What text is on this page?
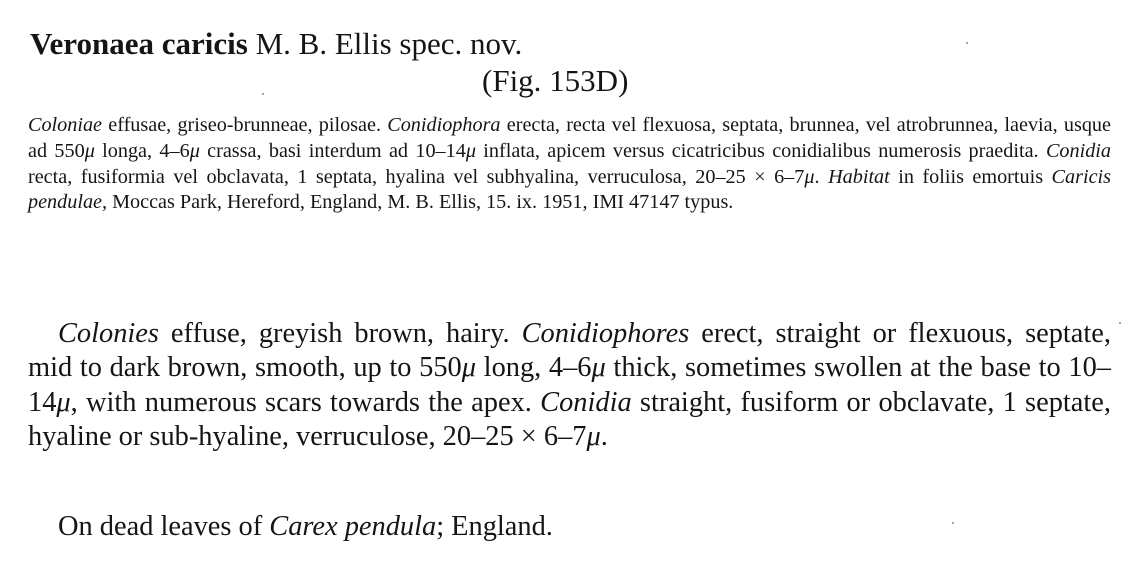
Veronaea caricis M. B. Ellis spec. nov.
(Fig. 153D)
Coloniae effusae, griseo-brunneae, pilosae. Conidiophora erecta, recta vel flexuosa, septata, brunnea, vel atrobrunnea, laevia, usque ad 550μ longa, 4–6μ crassa, basi interdum ad 10–14μ inflata, apicem versus cicatricibus conidialibus numerosis praedita. Conidia recta, fusiformia vel obclavata, 1 septata, hyalina vel subhyalina, verruculosa, 20–25 × 6–7μ. Habitat in foliis emortuis Caricis pendulae, Moccas Park, Hereford, England, M. B. Ellis, 15. ix. 1951, IMI 47147 typus.
Colonies effuse, greyish brown, hairy. Conidiophores erect, straight or flexuous, septate, mid to dark brown, smooth, up to 550μ long, 4–6μ thick, sometimes swollen at the base to 10–14μ, with numerous scars towards the apex. Conidia straight, fusiform or obclavate, 1 septate, hyaline or sub-hyaline, verruculose, 20–25 × 6–7μ.
On dead leaves of Carex pendula; England.
